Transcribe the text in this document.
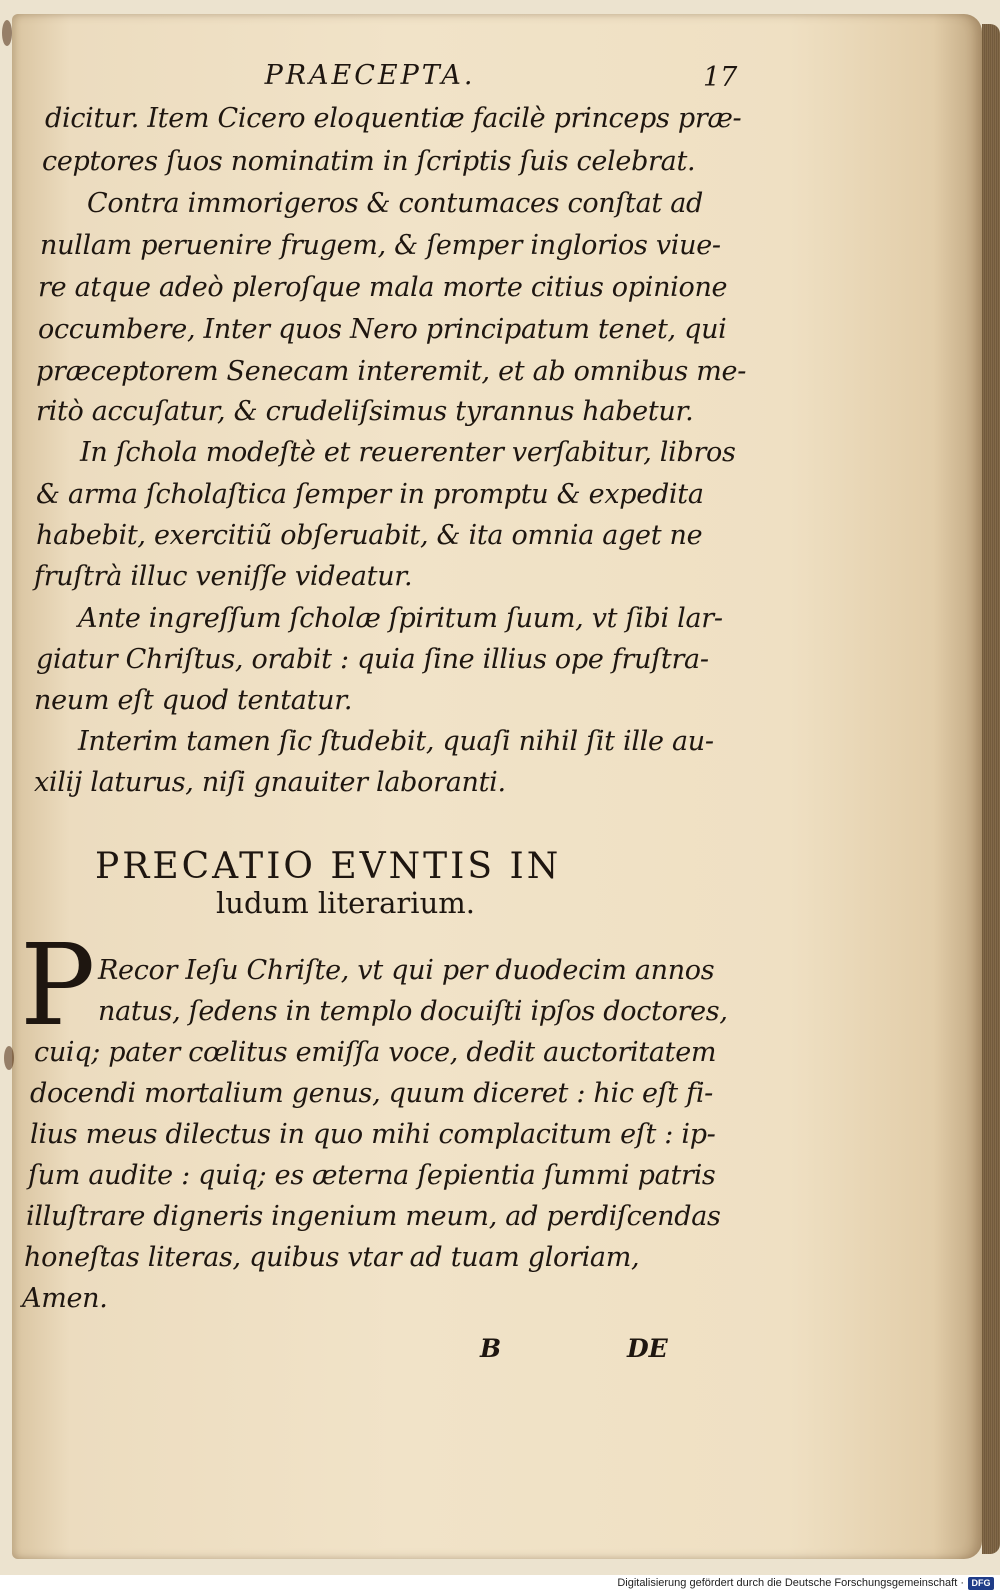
PRAECEPTA.	17
dicitur. Item Cicero eloquentiæ facilè princeps præ-
ceptores ſuos nominatim in ſcriptis ſuis celebrat.
Contra immorigeros & contumaces conſtat ad
nullam peruenire frugem, & ſemper inglorios viue-
re atque adeò pleroſque mala morte citius opinione
occumbere, Inter quos Nero principatum tenet, qui
præceptorem Senecam interemit, et ab omnibus me-
ritò accuſatur, & crudeliſsimus tyrannus habetur.
In ſchola modeſtè et reuerenter verſabitur, libros
& arma ſcholaſtica ſemper in promptu & expedita
habebit, exercitiũ obſeruabit, & ita omnia aget ne
fruſtrà illuc veniſſe videatur.
Ante ingreſſum ſcholæ ſpiritum ſuum, vt ſibi lar-
giatur Chriſtus, orabit : quia ſine illius ope fruſtra-
neum eſt quod tentatur.
Interim tamen ſic ſtudebit, quaſi nihil ſit ille au-
xilij laturus, niſi gnauiter laboranti.
PRECATIO EVNTIS IN
ludum literarium.
P Recor Ieſu Chriſte, vt qui per duodecim annos
natus, ſedens in templo docuiſti ipſos doctores,
cuiq; pater cœlitus emiſſa voce, dedit auctoritatem
docendi mortalium genus, quum diceret : hic eſt fi-
lius meus dilectus in quo mihi complacitum eſt : ip-
ſum audite : quiq; es æterna ſepientia ſummi patris
illuſtrare digneris ingenium meum, ad perdiſcendas
honeſtas literas, quibus vtar ad tuam gloriam,
Amen.
B	DE
Digitalisierung gefördert durch die Deutsche Forschungsgemeinschaft · DFG
